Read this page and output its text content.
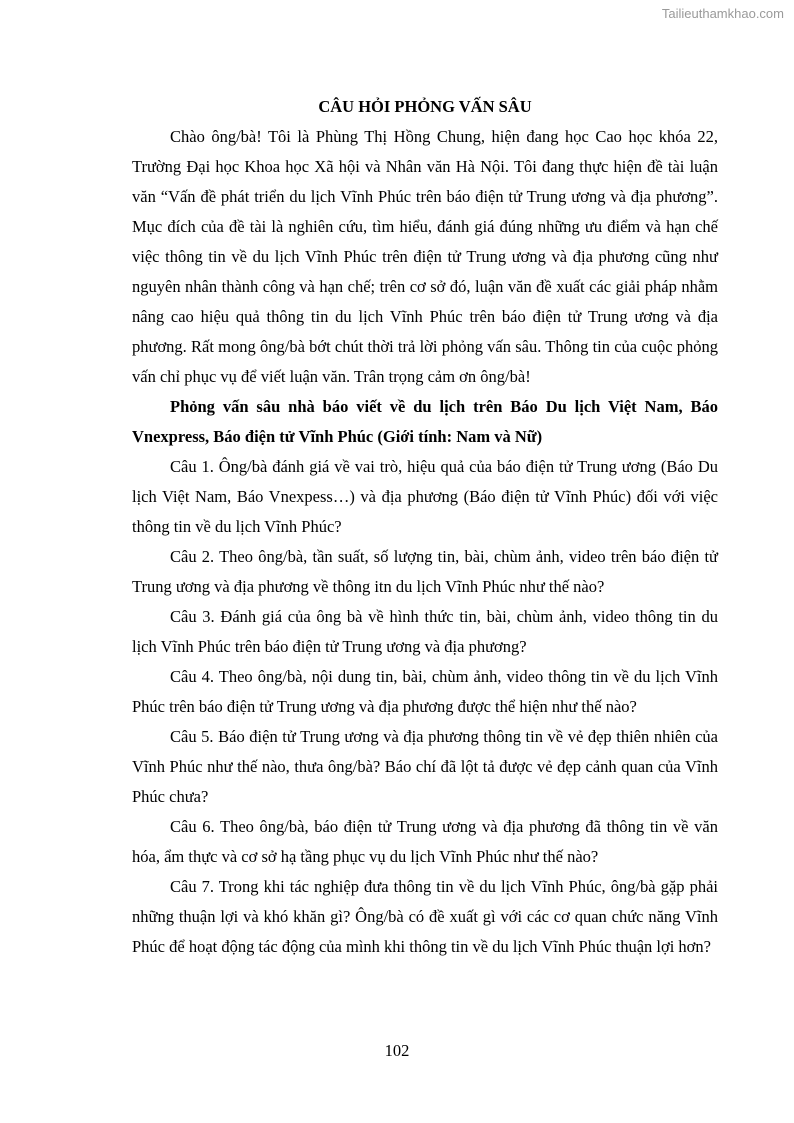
Tailieuthamkhao.com
CÂU HỎI PHỎNG VẤN SÂU

Chào ông/bà! Tôi là Phùng Thị Hồng Chung, hiện đang học Cao học khóa 22, Trường Đại học Khoa học Xã hội và Nhân văn Hà Nội. Tôi đang thực hiện đề tài luận văn “Vấn đề phát triển du lịch Vĩnh Phúc trên báo điện tử Trung ương và địa phương”. Mục đích của đề tài là nghiên cứu, tìm hiểu, đánh giá đúng những ưu điểm và hạn chế việc thông tin về du lịch Vĩnh Phúc trên điện tử Trung ương và địa phương cũng như nguyên nhân thành công và hạn chế; trên cơ sở đó, luận văn đề xuất các giải pháp nhằm nâng cao hiệu quả thông tin du lịch Vĩnh Phúc trên báo điện tử Trung ương và địa phương. Rất mong ông/bà bớt chút thời trả lời phỏng vấn sâu. Thông tin của cuộc phỏng vấn chỉ phục vụ để viết luận văn. Trân trọng cảm ơn ông/bà!

Phỏng vấn sâu nhà báo viết về du lịch trên Báo Du lịch Việt Nam, Báo Vnexpress, Báo điện tử Vĩnh Phúc (Giới tính: Nam và Nữ)

Câu 1. Ông/bà đánh giá về vai trò, hiệu quả của báo điện tử Trung ương (Báo Du lịch Việt Nam, Báo Vnexpess…) và địa phương (Báo điện tử Vĩnh Phúc) đối với việc thông tin về du lịch Vĩnh Phúc?

Câu 2. Theo ông/bà, tần suất, số lượng tin, bài, chùm ảnh, video trên báo điện tử Trung ương và địa phương về thông itn du lịch Vĩnh Phúc như thế nào?

Câu 3. Đánh giá của ông bà về hình thức tin, bài, chùm ảnh, video thông tin du lịch Vĩnh Phúc trên báo điện tử Trung ương và địa phương?

Câu 4. Theo ông/bà, nội dung tin, bài, chùm ảnh, video thông tin về du lịch Vĩnh Phúc trên báo điện tử Trung ương và địa phương được thể hiện như thế nào?

Câu 5. Báo điện tử Trung ương và địa phương thông tin về vẻ đẹp thiên nhiên của Vĩnh Phúc như thế nào, thưa ông/bà? Báo chí đã lột tả được vẻ đẹp cảnh quan của Vĩnh Phúc chưa?

Câu 6. Theo ông/bà, báo điện tử Trung ương và địa phương đã thông tin về văn hóa, ẩm thực và cơ sở hạ tầng phục vụ du lịch Vĩnh Phúc như thế nào?

Câu 7. Trong khi tác nghiệp đưa thông tin về du lịch Vĩnh Phúc, ông/bà gặp phải những thuận lợi và khó khăn gì? Ông/bà có đề xuất gì với các cơ quan chức năng Vĩnh Phúc để hoạt động tác động của mình khi thông tin về du lịch Vĩnh Phúc thuận lợi hơn?

102
